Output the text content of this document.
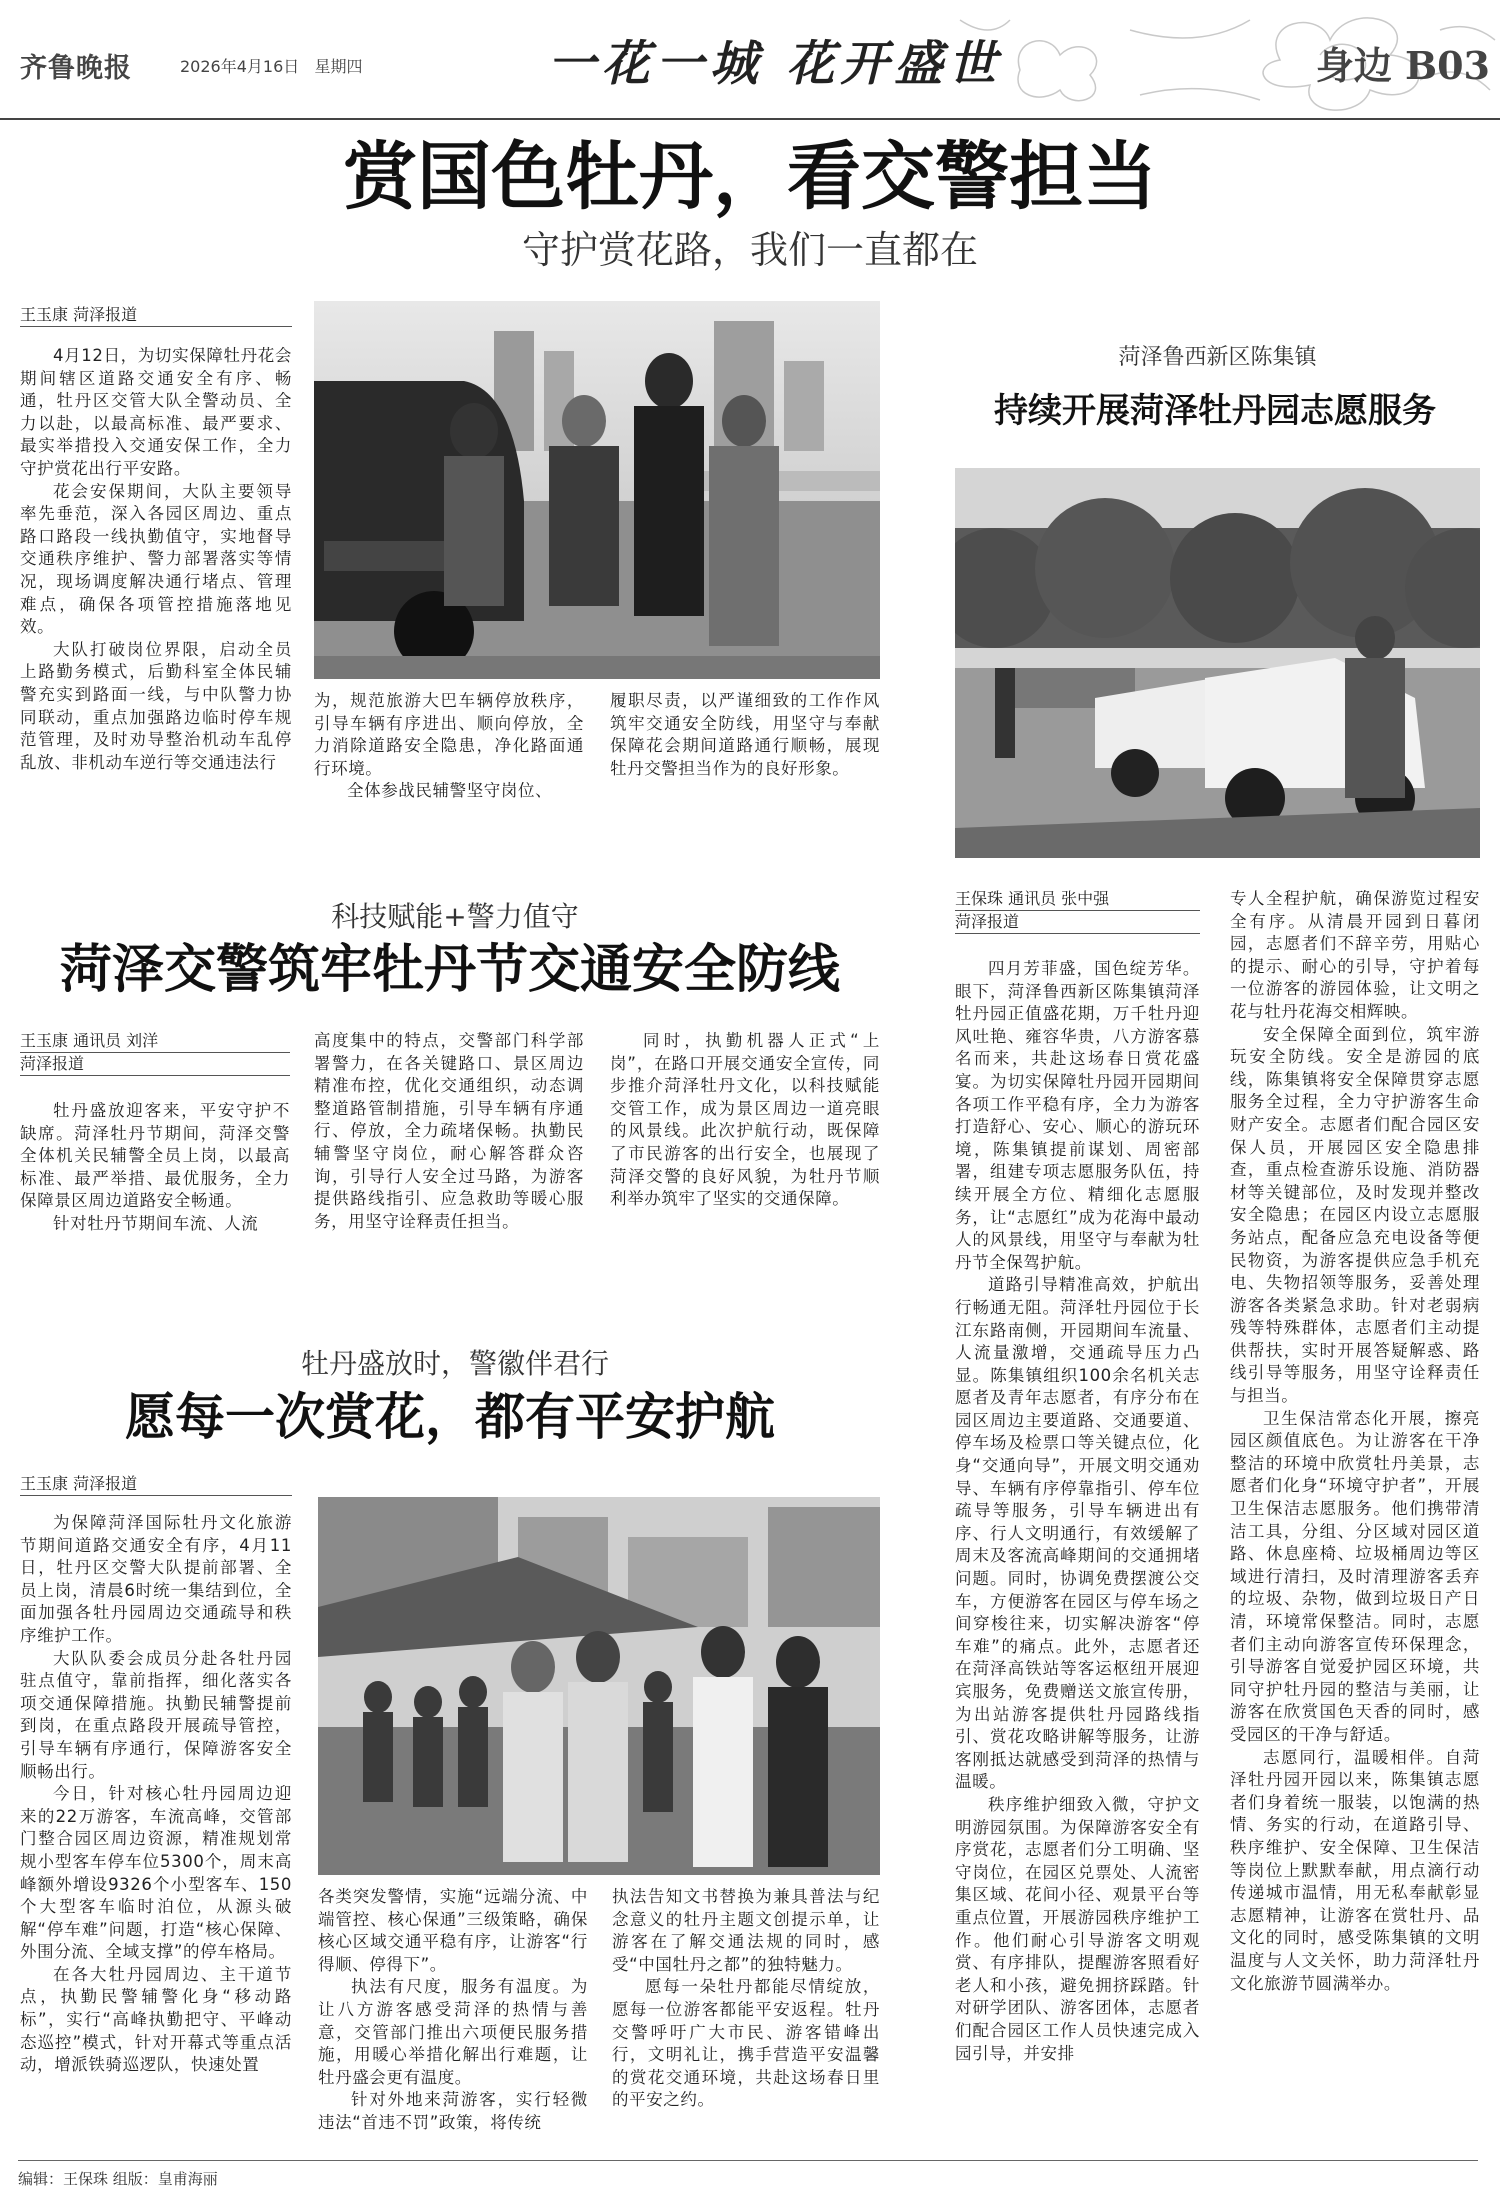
齐鲁晚报	2026年4月16日 星期四	一花一城 花开盛世	身边 B03
赏国色牡丹，看交警担当
守护赏花路，我们一直都在
王玉康 菏泽报道

4月12日，为切实保障牡丹花会期间辖区道路交通安全有序、畅通，牡丹区交管大队全警动员、全力以赴，以最高标准、最严要求、最实举措投入交通安保工作，全力守护赏花出行平安路。

花会安保期间，大队主要领导率先垂范，深入各园区周边、重点路口路段一线执勤值守，实地督导交通秩序维护、警力部署落实等情况，现场调度解决通行堵点、管理难点，确保各项管控措施落地见效。

大队打破岗位界限，启动全员上路勤务模式，后勤科室全体民辅警充实到路面一线，与中队警力协同联动，重点加强路边临时停车规范管理，及时劝导整治机动车乱停乱放、非机动车逆行等交通违法行

为，规范旅游大巴车辆停放秩序，引导车辆有序进出、顺向停放，全力消除道路安全隐患，净化路面通行环境。

全体参战民辅警坚守岗位、

履职尽责，以严谨细致的工作作风筑牢交通安全防线，用坚守与奉献保障花会期间道路通行顺畅，展现牡丹交警担当作为的良好形象。

菏泽鲁西新区陈集镇
持续开展菏泽牡丹园志愿服务
王保珠 通讯员 张中强
菏泽报道

四月芳菲盛，国色绽芳华。眼下，菏泽鲁西新区陈集镇菏泽牡丹园正值盛花期，万千牡丹迎风吐艳、雍容华贵，八方游客慕名而来，共赴这场春日赏花盛宴。为切实保障牡丹园开园期间各项工作平稳有序，全力为游客打造舒心、安心、顺心的游玩环境，陈集镇提前谋划、周密部署，组建专项志愿服务队伍，持续开展全方位、精细化志愿服务，让“志愿红”成为花海中最动人的风景线，用坚守与奉献为牡丹节全保驾护航。

道路引导精准高效，护航出行畅通无阻。菏泽牡丹园位于长江东路南侧，开园期间车流量、人流量激增，交通疏导压力凸显。陈集镇组织100余名机关志愿者及青年志愿者，有序分布在园区周边主要道路、交通要道、停车场及检票口等关键点位，化身“交通向导”，开展文明交通劝导、车辆有序停靠指引、停车位疏导等服务，引导车辆进出有序、行人文明通行，有效缓解了周末及客流高峰期间的交通拥堵问题。同时，协调免费摆渡公交车，方便游客在园区与停车场之间穿梭往来，切实解决游客“停车难”的痛点。此外，志愿者还在菏泽高铁站等客运枢纽开展迎宾服务，免费赠送文旅宣传册，为出站游客提供牡丹园路线指引、赏花攻略讲解等服务，让游客刚抵达就感受到菏泽的热情与温暖。

秩序维护细致入微，守护文明游园氛围。为保障游客安全有序赏花，志愿者们分工明确、坚守岗位，在园区兑票处、人流密集区域、花间小径、观景平台等重点位置，开展游园秩序维护工作。他们耐心引导游客文明观赏、有序排队，提醒游客照看好老人和小孩，避免拥挤踩踏。针对研学团队、游客团体，志愿者们配合园区工作人员快速完成入园引导，并安排

专人全程护航，确保游览过程安全有序。从清晨开园到日暮闭园，志愿者们不辞辛劳，用贴心的提示、耐心的引导，守护着每一位游客的游园体验，让文明之花与牡丹花海交相辉映。

安全保障全面到位，筑牢游玩安全防线。安全是游园的底线，陈集镇将安全保障贯穿志愿服务全过程，全力守护游客生命财产安全。志愿者们配合园区安保人员，开展园区安全隐患排查，重点检查游乐设施、消防器材等关键部位，及时发现并整改安全隐患；在园区内设立志愿服务站点，配备应急充电设备等便民物资，为游客提供应急手机充电、失物招领等服务，妥善处理游客各类紧急求助。针对老弱病残等特殊群体，志愿者们主动提供帮扶，实时开展答疑解惑、路线引导等服务，用坚守诠释责任与担当。

卫生保洁常态化开展，擦亮园区颜值底色。为让游客在干净整洁的环境中欣赏牡丹美景，志愿者们化身“环境守护者”，开展卫生保洁志愿服务。他们携带清洁工具，分组、分区域对园区道路、休息座椅、垃圾桶周边等区域进行清扫，及时清理游客丢弃的垃圾、杂物，做到垃圾日产日清，环境常保整洁。同时，志愿者们主动向游客宣传环保理念，引导游客自觉爱护园区环境，共同守护牡丹园的整洁与美丽，让游客在欣赏国色天香的同时，感受园区的干净与舒适。

志愿同行，温暖相伴。自菏泽牡丹园开园以来，陈集镇志愿者们身着统一服装，以饱满的热情、务实的行动，在道路引导、秩序维护、安全保障、卫生保洁等岗位上默默奉献，用点滴行动传递城市温情，用无私奉献彰显志愿精神，让游客在赏牡丹、品文化的同时，感受陈集镇的文明温度与人文关怀，助力菏泽牡丹文化旅游节圆满举办。

科技赋能+警力值守
菏泽交警筑牢牡丹节交通安全防线
王玉康 通讯员 刘洋
菏泽报道

牡丹盛放迎客来，平安守护不缺席。菏泽牡丹节期间，菏泽交警全体机关民辅警全员上岗，以最高标准、最严举措、最优服务，全力保障景区周边道路安全畅通。

针对牡丹节期间车流、人流

高度集中的特点，交警部门科学部署警力，在各关键路口、景区周边精准布控，优化交通组织，动态调整道路管制措施，引导车辆有序通行、停放，全力疏堵保畅。执勤民辅警坚守岗位，耐心解答群众咨询，引导行人安全过马路，为游客提供路线指引、应急救助等暖心服务，用坚守诠释责任担当。

同时，执勤机器人正式“上岗”，在路口开展交通安全宣传，同步推介菏泽牡丹文化，以科技赋能交管工作，成为景区周边一道亮眼的风景线。此次护航行动，既保障了市民游客的出行安全，也展现了菏泽交警的良好风貌，为牡丹节顺利举办筑牢了坚实的交通保障。

牡丹盛放时，警徽伴君行
愿每一次赏花，都有平安护航
王玉康 菏泽报道

为保障菏泽国际牡丹文化旅游节期间道路交通安全有序，4月11日，牡丹区交警大队提前部署、全员上岗，清晨6时统一集结到位，全面加强各牡丹园周边交通疏导和秩序维护工作。

大队队委会成员分赴各牡丹园驻点值守，靠前指挥，细化落实各项交通保障措施。执勤民辅警提前到岗，在重点路段开展疏导管控，引导车辆有序通行，保障游客安全顺畅出行。

今日，针对核心牡丹园周边迎来的22万游客，车流高峰，交管部门整合园区周边资源，精准规划常规小型客车停车位5300个，周末高峰额外增设9326个小型客车、150个大型客车临时泊位，从源头破解“停车难”问题，打造“核心保障、外围分流、全域支撑”的停车格局。

在各大牡丹园周边、主干道节点，执勤民警辅警化身“移动路标”，实行“高峰执勤把守、平峰动态巡控”模式，针对开幕式等重点活动，增派铁骑巡逻队，快速处置

各类突发警情，实施“远端分流、中端管控、核心保通”三级策略，确保核心区域交通平稳有序，让游客“行得顺、停得下”。

执法有尺度，服务有温度。为让八方游客感受菏泽的热情与善意，交管部门推出六项便民服务措施，用暖心举措化解出行难题，让牡丹盛会更有温度。

针对外地来菏游客，实行轻微违法“首违不罚”政策，将传统

执法告知文书替换为兼具普法与纪念意义的牡丹主题文创提示单，让游客在了解交通法规的同时，感受“中国牡丹之都”的独特魅力。

愿每一朵牡丹都能尽情绽放，愿每一位游客都能平安返程。牡丹交警呼吁广大市民、游客错峰出行，文明礼让，携手营造平安温馨的赏花交通环境，共赴这场春日里的平安之约。

编辑：王保珠 组版：皇甫海丽
